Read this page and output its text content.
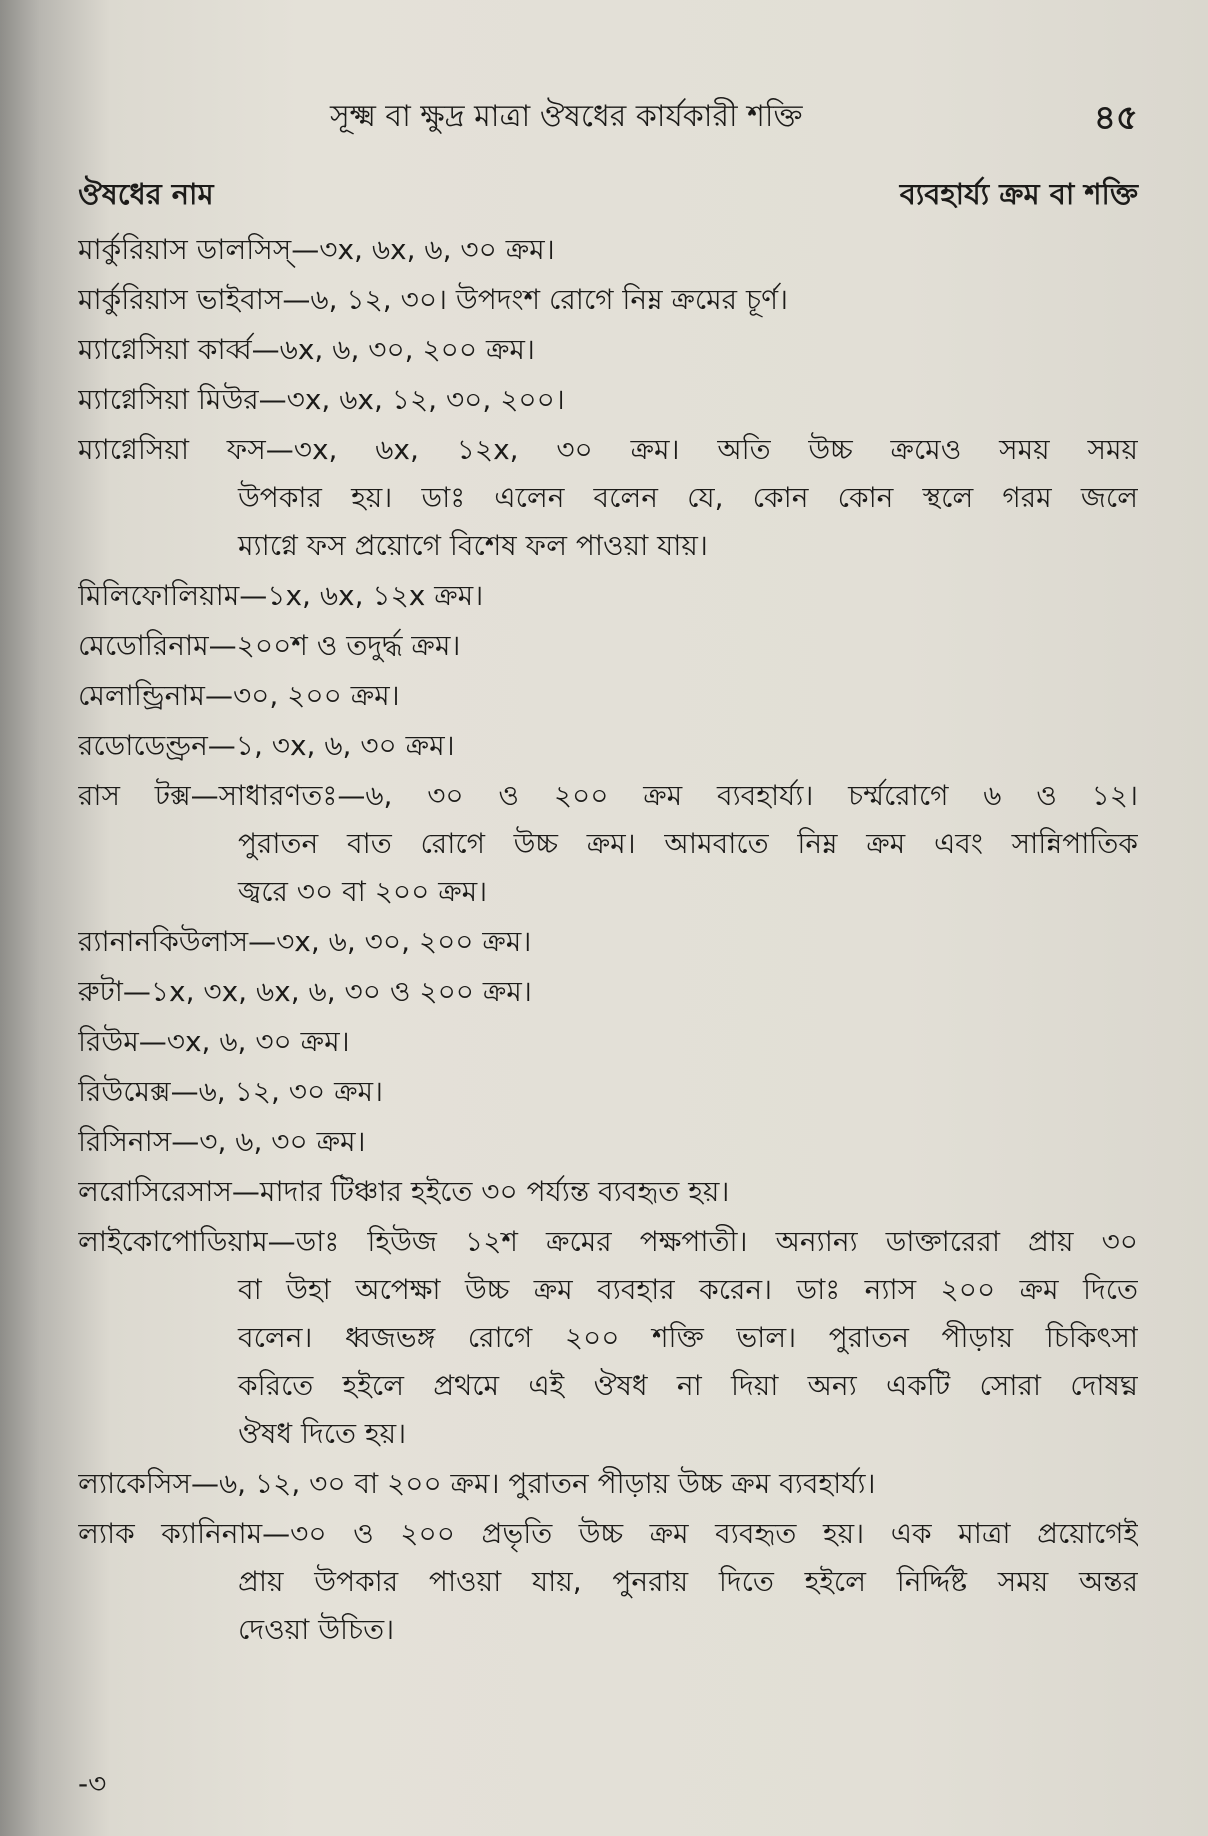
সূক্ষ্ম বা ক্ষুদ্র মাত্রা ঔষধের কার্যকারী শক্তি	৪৫
ঔষধের নাম	ব্যবহার্য্য ক্রম বা শক্তি
মার্কুরিয়াস ডালসিস্—৩x, ৬x, ৬, ৩০ ক্রম।
মার্কুরিয়াস ভাইবাস—৬, ১২, ৩০। উপদংশ রোগে নিম্ন ক্রমের চূর্ণ।
ম্যাগ্নেসিয়া কার্ব্ব—৬x, ৬, ৩০, ২০০ ক্রম।
ম্যাগ্নেসিয়া মিউর—৩x, ৬x, ১২, ৩০, ২০০।
ম্যাগ্নেসিয়া ফস—৩x, ৬x, ১২x, ৩০ ক্রম। অতি উচ্চ ক্রমেও সময় সময়
উপকার হয়। ডাঃ এলেন বলেন যে, কোন কোন স্থলে গরম জলে
ম্যাগ্নে ফস প্রয়োগে বিশেষ ফল পাওয়া যায়।
মিলিফোলিয়াম—১x, ৬x, ১২x ক্রম।
মেডোরিনাম—২০০শ ও তদুর্দ্ধ ক্রম।
মেলান্ড্রিনাম—৩০, ২০০ ক্রম।
রডোডেণ্ড্রন—১, ৩x, ৬, ৩০ ক্রম।
রাস টক্স—সাধারণতঃ—৬, ৩০ ও ২০০ ক্রম ব্যবহার্য্য। চর্ম্মরোগে ৬ ও ১২।
পুরাতন বাত রোগে উচ্চ ক্রম। আমবাতে নিম্ন ক্রম এবং সান্নিপাতিক
জ্বরে ৩০ বা ২০০ ক্রম।
র‍্যানানকিউলাস—৩x, ৬, ৩০, ২০০ ক্রম।
রুটা—১x, ৩x, ৬x, ৬, ৩০ ও ২০০ ক্রম।
রিউম—৩x, ৬, ৩০ ক্রম।
রিউমেক্স—৬, ১২, ৩০ ক্রম।
রিসিনাস—৩, ৬, ৩০ ক্রম।
লরোসিরেসাস—মাদার টিঞ্চার হইতে ৩০ পর্য্যন্ত ব্যবহৃত হয়।
লাইকোপোডিয়াম—ডাঃ হিউজ ১২শ ক্রমের পক্ষপাতী। অন্যান্য ডাক্তারেরা প্রায় ৩০
বা উহা অপেক্ষা উচ্চ ক্রম ব্যবহার করেন। ডাঃ ন্যাস ২০০ ক্রম দিতে
বলেন। ধ্বজভঙ্গ রোগে ২০০ শক্তি ভাল। পুরাতন পীড়ায় চিকিৎসা
করিতে হইলে প্রথমে এই ঔষধ না দিয়া অন্য একটি সোরা দোষঘ্ন
ঔষধ দিতে হয়।
ল্যাকেসিস—৬, ১২, ৩০ বা ২০০ ক্রম। পুরাতন পীড়ায় উচ্চ ক্রম ব্যবহার্য্য।
ল্যাক ক্যানিনাম—৩০ ও ২০০ প্রভৃতি উচ্চ ক্রম ব্যবহৃত হয়। এক মাত্রা প্রয়োগেই
প্রায় উপকার পাওয়া যায়, পুনরায় দিতে হইলে নির্দ্দিষ্ট সময় অন্তর
দেওয়া উচিত।
-৩
